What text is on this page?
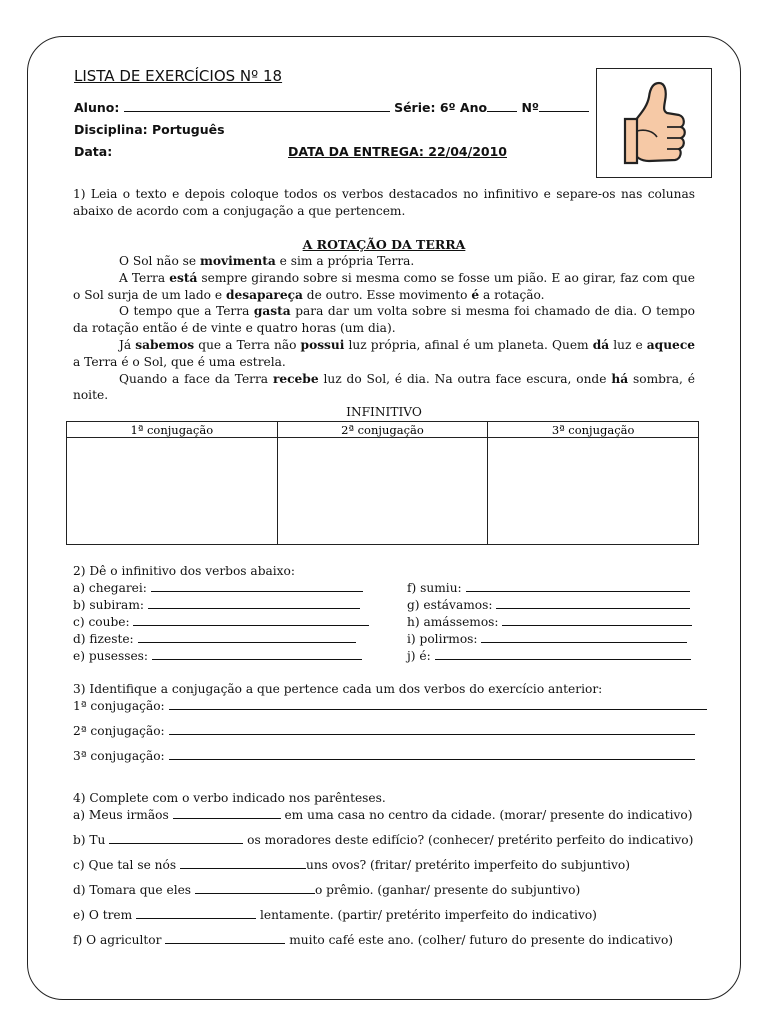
LISTA DE EXERCÍCIOS Nº 18
Aluno:	Série: 6º Ano	Nº
Disciplina: Português
Data:	DATA DA ENTREGA: 22/04/2010
1) Leia o texto e depois coloque todos os verbos destacados no infinitivo e separe-os nas colunas abaixo de acordo com a conjugação a que pertencem.
A ROTAÇÃO DA TERRA

O Sol não se movimenta e sim a própria Terra.

A Terra está sempre girando sobre si mesma como se fosse um pião. E ao girar, faz com que o Sol surja de um lado e desapareça de outro. Esse movimento é a rotação.

O tempo que a Terra gasta para dar um volta sobre si mesma foi chamado de dia. O tempo da rotação então é de vinte e quatro horas (um dia).

Já sabemos que a Terra não possui luz própria, afinal é um planeta. Quem dá luz e aquece a Terra é o Sol, que é uma estrela.

Quando a face da Terra recebe luz do Sol, é dia. Na outra face escura, onde há sombra, é noite.

INFINITIVO
1ª conjugação	2ª conjugação	3ª conjugação

2) Dê o infinitivo dos verbos abaixo:
a) chegarei:
b) subiram:
c) coube:
d) fizeste:
e) pusesses:
f) sumiu:
g) estávamos:
h) amássemos:
i) polirmos:
j) é:
3) Identifique a conjugação a que pertence cada um dos verbos do exercício anterior:
1ª conjugação:
2ª conjugação:
3ª conjugação:
4) Complete com o verbo indicado nos parênteses.
a) Meus irmãos	em uma casa no centro da cidade. (morar/ presente do indicativo)
b) Tu	os moradores deste edifício? (conhecer/ pretérito perfeito do indicativo)
c) Que tal se nós	uns ovos? (fritar/ pretérito imperfeito do subjuntivo)
d) Tomara que eles	o prêmio. (ganhar/ presente do subjuntivo)
e) O trem	lentamente. (partir/ pretérito imperfeito do indicativo)
f) O agricultor	muito café este ano. (colher/ futuro do presente do indicativo)
